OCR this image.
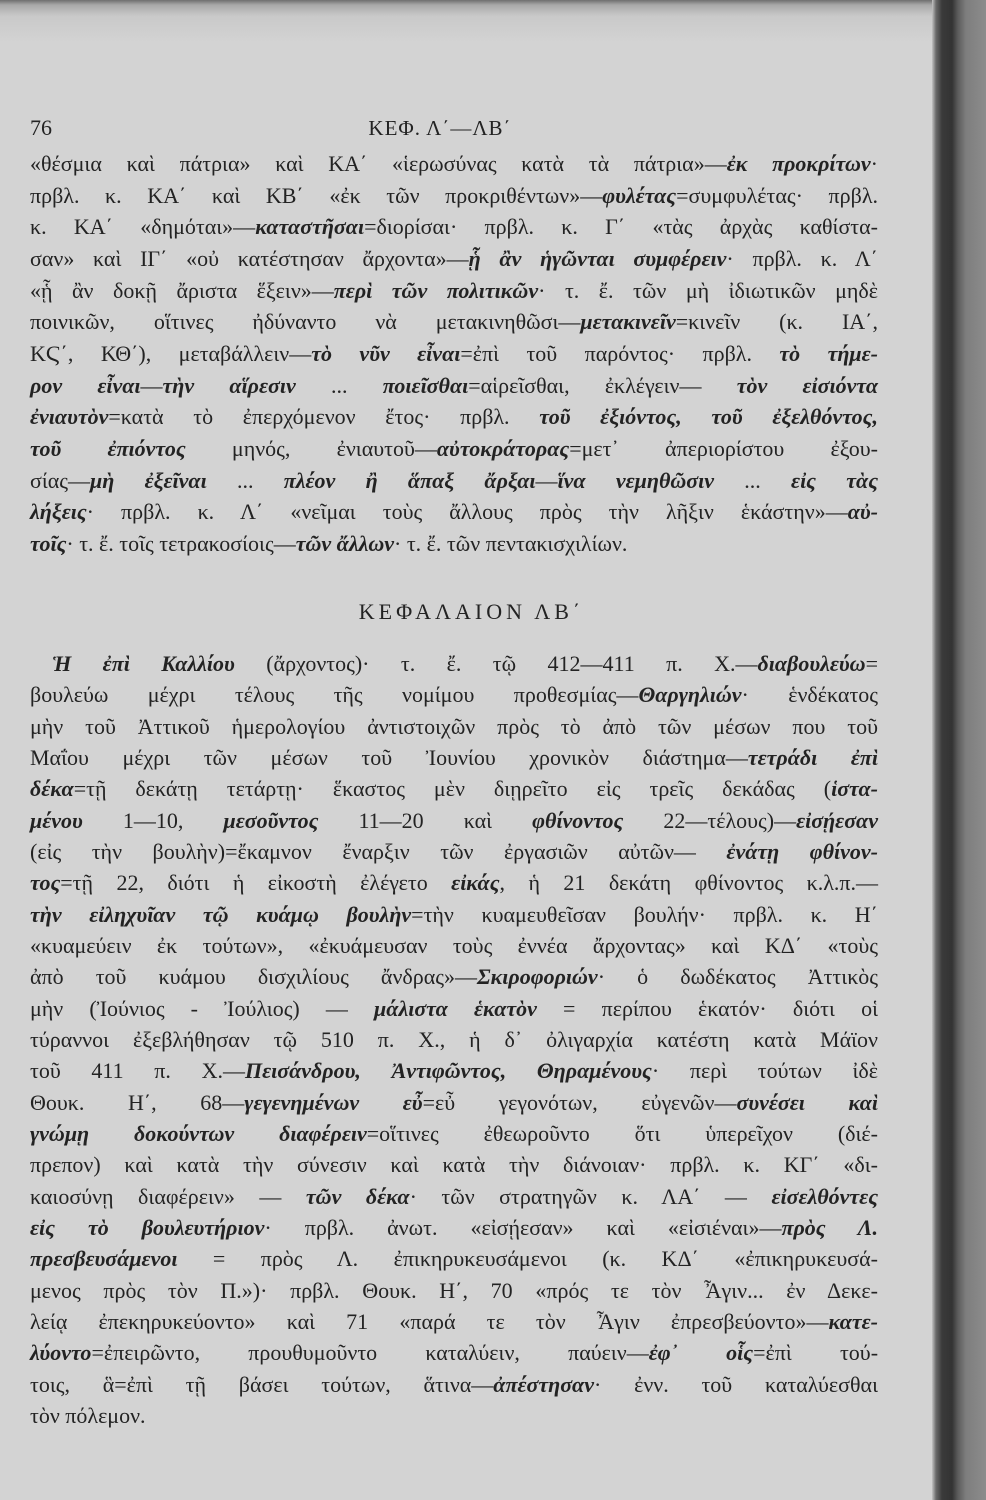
76	ΚΕΦ. Λ΄—ΛΒ΄
«θέσμια καὶ πάτρια» καὶ ΚΑ΄ «ἱερωσύνας κατὰ τὰ πάτρια»—ἐκ προκρίτων·
πρβλ. κ. ΚΑ΄ καὶ ΚΒ΄ «ἐκ τῶν προκριθέντων»—φυλέτας=συμφυλέτας· πρβλ.
κ. ΚΑ΄ «δημόται»—καταστῆσαι=διορίσαι· πρβλ. κ. Γ΄ «τὰς ἀρχὰς καθίστα-
σαν» καὶ ΙΓ΄ «οὐ κατέστησαν ἄρχοντα»—ᾗ ἂν ἡγῶνται συμφέρειν· πρβλ. κ. Λ΄
«ᾗ ἂν δοκῇ ἄριστα ἕξειν»—περὶ τῶν πολιτικῶν· τ. ἔ. τῶν μὴ ἰδιωτικῶν μηδὲ
ποινικῶν, οἵτινες ἠδύναντο νὰ μετακινηθῶσι—μετακινεῖν=κινεῖν (κ. ΙΑ΄,
ΚϚ΄, ΚΘ΄), μεταβάλλειν—τὸ νῦν εἶναι=ἐπὶ τοῦ παρόντος· πρβλ. τὸ τήμε-
ρον εἶναι—τὴν αἵρεσιν ... ποιεῖσθαι=αἱρεῖσθαι, ἐκλέγειν— τὸν εἰσιόντα
ἐνιαυτὸν=κατὰ τὸ ἐπερχόμενον ἔτος· πρβλ. τοῦ ἐξιόντος, τοῦ ἐξελθόντος,
τοῦ ἐπιόντος μηνός, ἐνιαυτοῦ—αὐτοκράτορας=μετ᾽ ἀπεριορίστου ἐξου-
σίας—μὴ ἐξεῖναι ... πλέον ἢ ἅπαξ ἄρξαι—ἵνα νεμηθῶσιν ... εἰς τὰς
λήξεις· πρβλ. κ. Λ΄ «νεῖμαι τοὺς ἄλλους πρὸς τὴν λῆξιν ἑκάστην»—αὐ-
τοῖς· τ. ἔ. τοῖς τετρακοσίοις—τῶν ἄλλων· τ. ἔ. τῶν πεντακισχιλίων.
ΚΕΦΑΛΑΙΟΝ ΛΒ΄
Ἡ ἐπὶ Καλλίου (ἄρχοντος)· τ. ἔ. τῷ 412—411 π. Χ.—διαβουλεύω=
βουλεύω μέχρι τέλους τῆς νομίμου προθεσμίας—Θαργηλιών· ἑνδέκατος
μὴν τοῦ Ἀττικοῦ ἡμερολογίου ἀντιστοιχῶν πρὸς τὸ ἀπὸ τῶν μέσων που τοῦ
Μαΐου μέχρι τῶν μέσων τοῦ Ἰουνίου χρονικὸν διάστημα—τετράδι ἐπὶ
δέκα=τῇ δεκάτῃ τετάρτῃ· ἕκαστος μὲν διῃρεῖτο εἰς τρεῖς δεκάδας (ἱστα-
μένου 1—10, μεσοῦντος 11—20 καὶ φθίνοντος 22—τέλους)—εἰσῄεσαν
(εἰς τὴν βουλὴν)=ἔκαμνον ἔναρξιν τῶν ἐργασιῶν αὐτῶν— ἐνάτῃ φθίνον-
τος=τῇ 22, διότι ἡ εἰκοστὴ ἐλέγετο εἰκάς, ἡ 21 δεκάτη φθίνοντος κ.λ.π.—
τὴν εἰληχυῖαν τῷ κυάμῳ βουλὴν=τὴν κυαμευθεῖσαν βουλήν· πρβλ. κ. Η΄
«κυαμεύειν ἐκ τούτων», «ἐκυάμευσαν τοὺς ἐννέα ἄρχοντας» καὶ ΚΔ΄ «τοὺς
ἀπὸ τοῦ κυάμου δισχιλίους ἄνδρας»—Σκιροφοριών· ὁ δωδέκατος Ἀττικὸς
μὴν (Ἰούνιος - Ἰούλιος) — μάλιστα ἑκατὸν = περίπου ἑκατόν· διότι οἱ
τύραννοι ἐξεβλήθησαν τῷ 510 π. Χ., ἡ δ᾽ ὀλιγαρχία κατέστη κατὰ Μάϊον
τοῦ 411 π. Χ.—Πεισάνδρου, Ἀντιφῶντος, Θηραμένους· περὶ τούτων ἰδὲ
Θουκ. Η΄, 68—γεγενημένων εὖ=εὖ γεγονότων, εὐγενῶν—συνέσει καὶ
γνώμῃ δοκούντων διαφέρειν=οἵτινες ἐθεωροῦντο ὅτι ὑπερεῖχον (διέ-
πρεπον) καὶ κατὰ τὴν σύνεσιν καὶ κατὰ τὴν διάνοιαν· πρβλ. κ. ΚΓ΄ «δι-
καιοσύνῃ διαφέρειν» — τῶν δέκα· τῶν στρατηγῶν κ. ΛΑ΄ — εἰσελθόντες
εἰς τὸ βουλευτήριον· πρβλ. ἀνωτ. «εἰσῄεσαν» καὶ «εἰσιέναι»—πρὸς Λ.
πρεσβευσάμενοι = πρὸς Λ. ἐπικηρυκευσάμενοι (κ. ΚΔ΄ «ἐπικηρυκευσά-
μενος πρὸς τὸν Π.»)· πρβλ. Θουκ. Η΄, 70 «πρός τε τὸν Ἆγιν... ἐν Δεκε-
λείᾳ ἐπεκηρυκεύοντο» καὶ 71 «παρά τε τὸν Ἆγιν ἐπρεσβεύοντο»—κατε-
λύοντο=ἐπειρῶντο, προυθυμοῦντο καταλύειν, παύειν—ἐφ᾽ οἷς=ἐπὶ τού-
τοις, ἃ=ἐπὶ τῇ βάσει τούτων, ἅτινα—ἀπέστησαν· ἐνν. τοῦ καταλύεσθαι
τὸν πόλεμον.
